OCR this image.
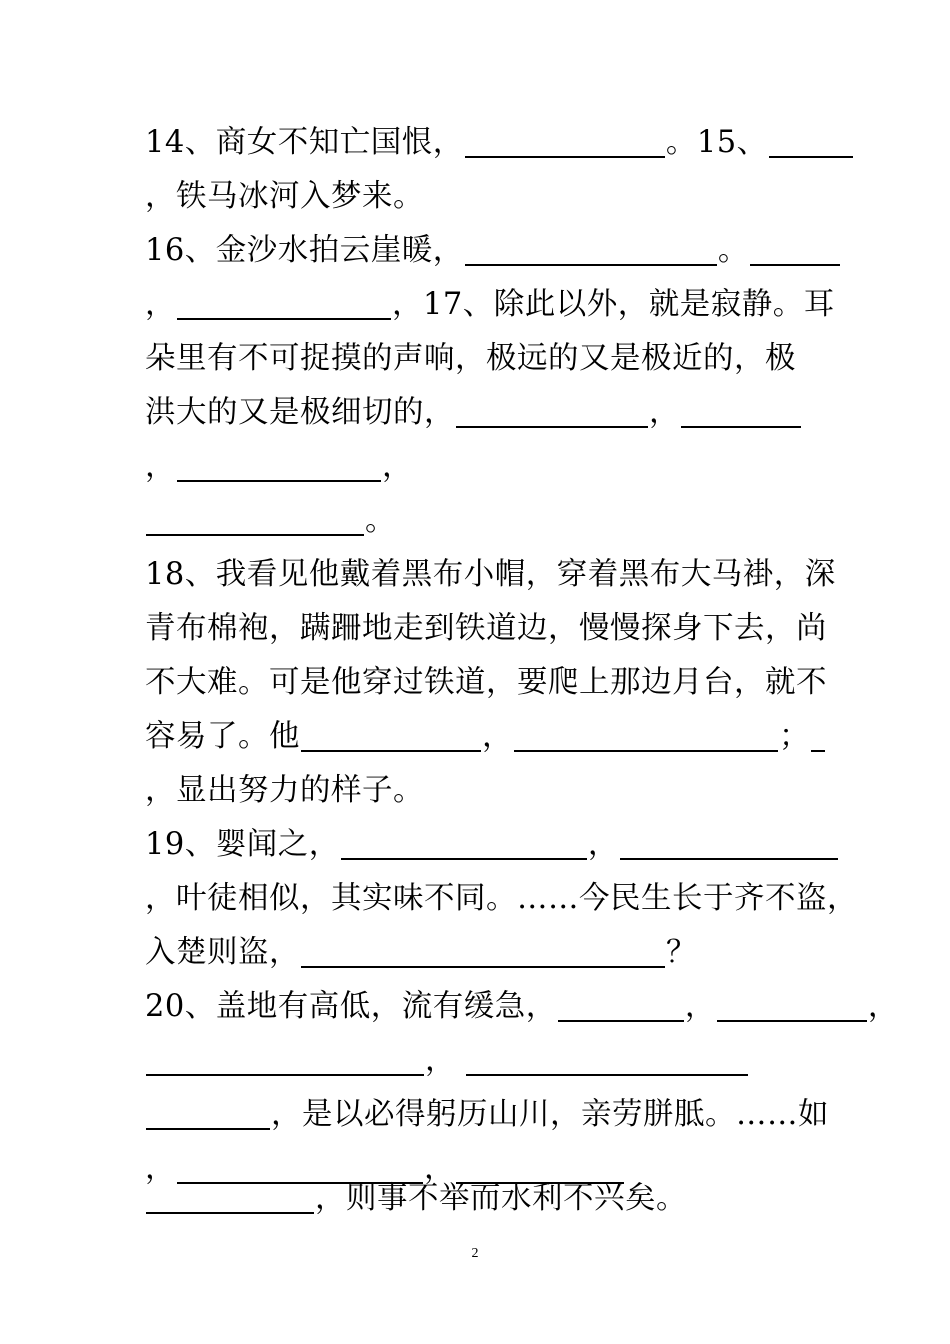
14、商女不知亡国恨，	。15、
，铁马冰河入梦来。
16、金沙水拍云崖暖，	。
，	，17、除此以外，就是寂静。耳
朵里有不可捉摸的声响，极远的又是极近的，极
洪大的又是极细切的，	，
，	，
。
18、我看见他戴着黑布小帽，穿着黑布大马褂，深
青布棉袍，蹒跚地走到铁道边，慢慢探身下去，尚
不大难。可是他穿过铁道，要爬上那边月台，就不
容易了。他	，	；
，显出努力的样子。
19、婴闻之，	，
，叶徒相似，其实味不同。……今民生长于齐不盗，
入楚则盗，	？
20、盖地有高低，流有缓急，	，	，
，
，是以必得躬历山川，亲劳胼胝。……如
，	，
，则事不举而水利不兴矣。
2
